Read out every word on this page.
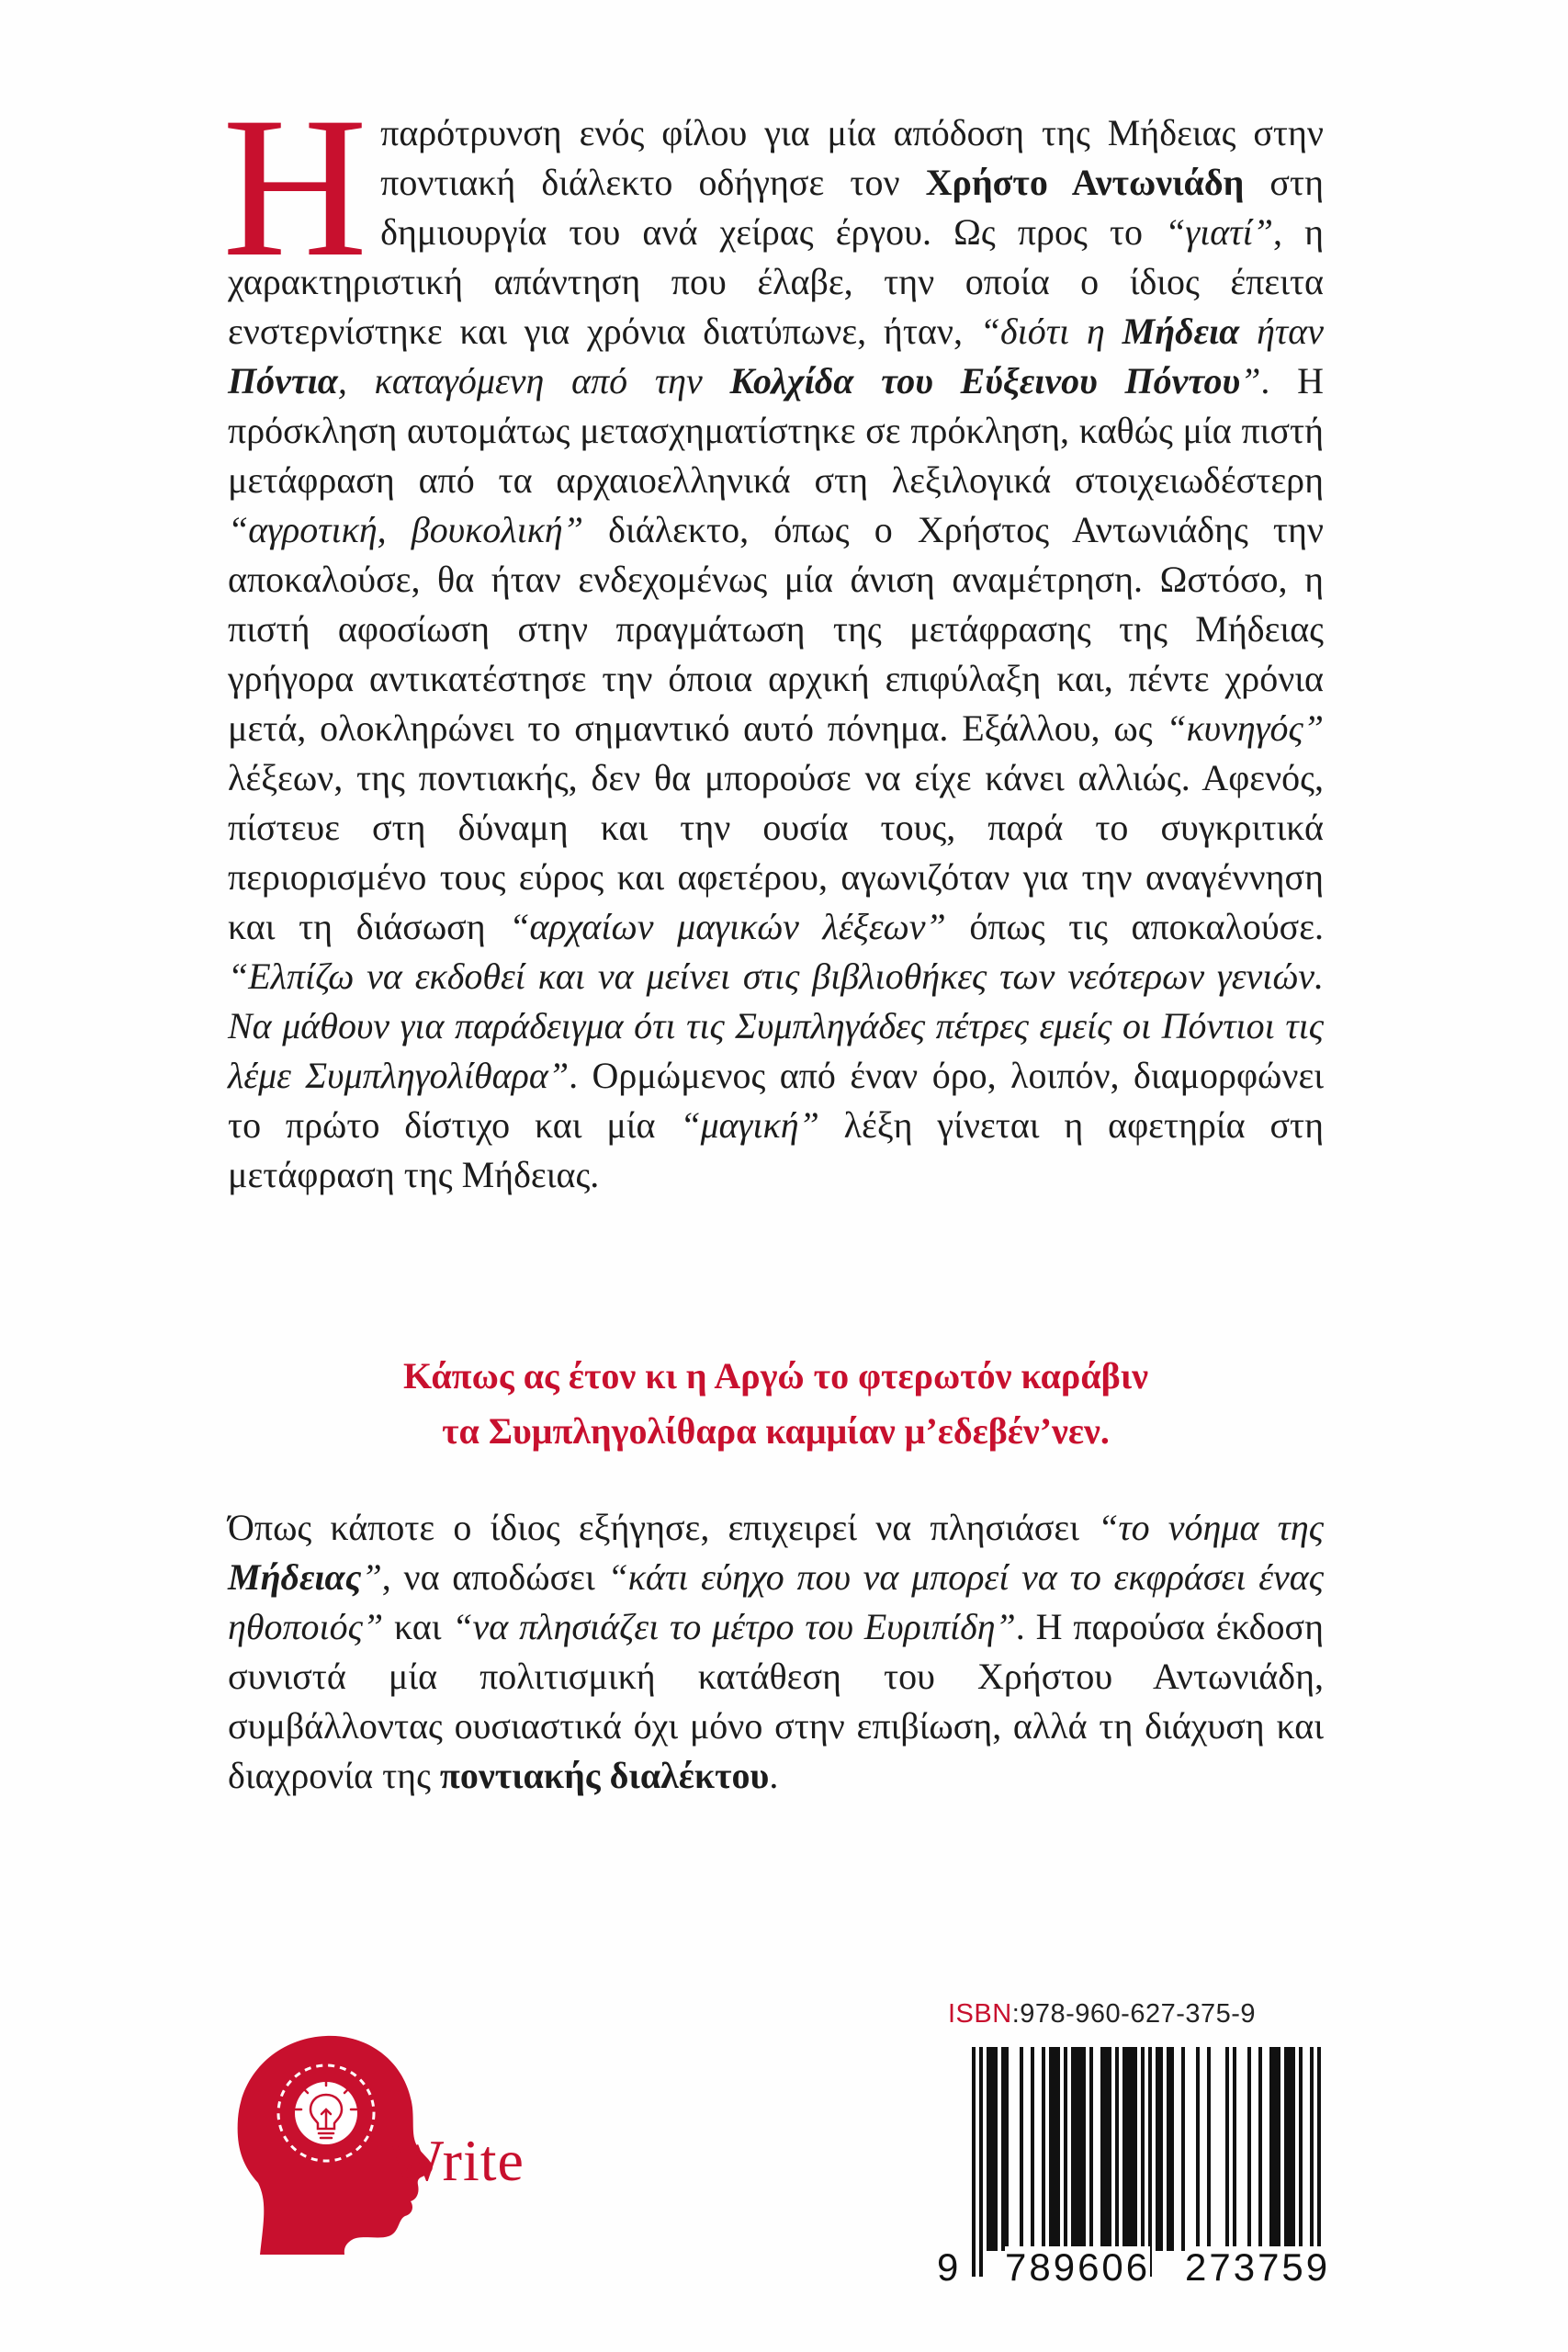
Η παρότρυνση ενός φίλου για μία απόδοση της Μήδειας στην ποντιακή διάλεκτο οδήγησε τον Χρήστο Αντωνιάδη στη δημιουργία του ανά χείρας έργου. Ως προς το “γιατί”, η χαρακτηριστική απάντηση που έλαβε, την οποία ο ίδιος έπειτα ενστερνίστηκε και για χρόνια διατύπωνε, ήταν, “διότι η Μήδεια ήταν Πόντια, καταγόμενη από την Κολχίδα του Εύξεινου Πόντου”. Η πρόσκληση αυτομάτως μετασχηματίστηκε σε πρόκληση, καθώς μία πιστή μετάφραση από τα αρχαιοελληνικά στη λεξιλογικά στοιχειωδέστερη “αγροτική, βουκολική” διάλεκτο, όπως ο Χρήστος Αντωνιάδης την αποκαλούσε, θα ήταν ενδεχομένως μία άνιση αναμέτρηση. Ωστόσο, η πιστή αφοσίωση στην πραγμάτωση της μετάφρασης της Μήδειας γρήγορα αντικατέστησε την όποια αρχική επιφύλαξη και, πέντε χρόνια μετά, ολοκληρώνει το σημαντικό αυτό πόνημα. Εξάλλου, ως “κυνηγός” λέξεων, της ποντιακής, δεν θα μπορούσε να είχε κάνει αλλιώς. Αφενός, πίστευε στη δύναμη και την ουσία τους, παρά το συγκριτικά περιορισμένο τους εύρος και αφετέρου, αγωνιζόταν για την αναγέννηση και τη διάσωση “αρχαίων μαγικών λέξεων” όπως τις αποκαλούσε. “Ελπίζω να εκδοθεί και να μείνει στις βιβλιοθήκες των νεότερων γενιών. Να μάθουν για παράδειγμα ότι τις Συμπληγάδες πέτρες εμείς οι Πόντιοι τις λέμε Συμπληγολίθαρα”. Ορμώμενος από έναν όρο, λοιπόν, διαμορφώνει το πρώτο δίστιχο και μία “μαγική” λέξη γίνεται η αφετηρία στη μετάφραση της Μήδειας.

Κάπως ας έτον κι η Αργώ το φτερωτόν καράβιν
τα Συμπληγολίθαρα καμμίαν μ’εδεβέν’νεν.

Όπως κάποτε ο ίδιος εξήγησε, επιχειρεί να πλησιάσει “το νόημα της Μήδειας”, να αποδώσει “κάτι εύηχο που να μπορεί να το εκφράσει ένας ηθοποιός” και “να πλησιάζει το μέτρο του Ευριπίδη”. Η παρούσα έκδοση συνιστά μία πολιτισμική κατάθεση του Χρήστου Αντωνιάδη, συμβάλλοντας ουσιαστικά όχι μόνο στην επιβίωση, αλλά τη διάχυση και διαχρονία της ποντιακής διαλέκτου.

iWrite
ISBN:978-960-627-375-9
9 789606 273759
